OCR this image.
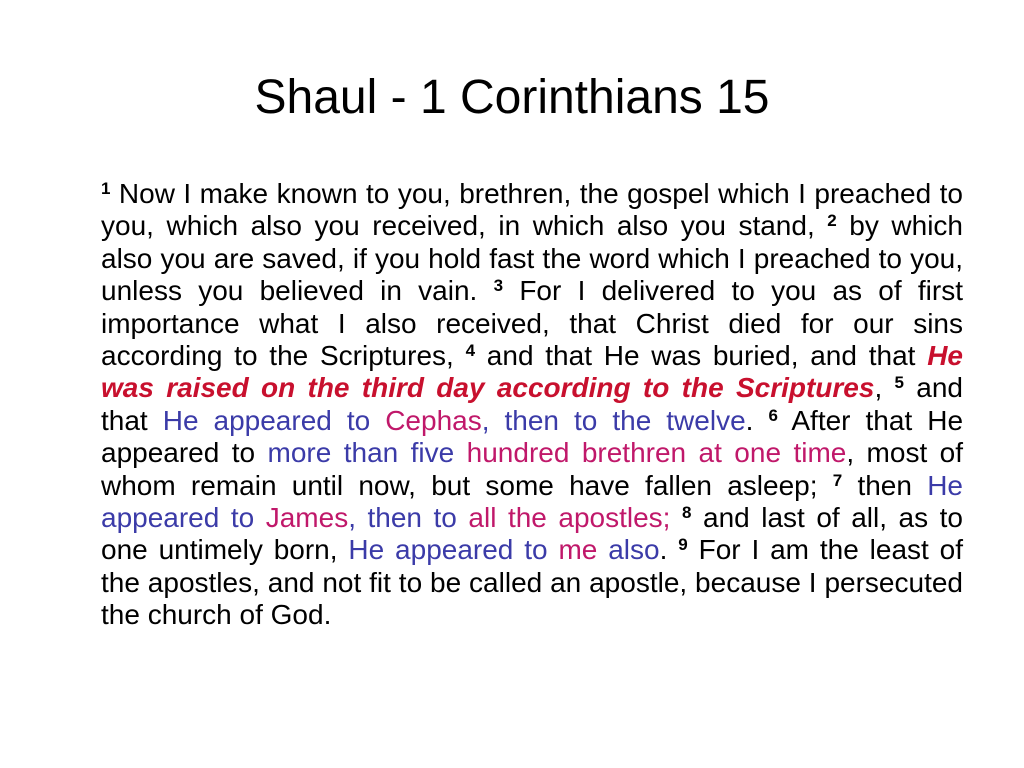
Shaul - 1 Corinthians 15

$^1$ Now I make known to you, brethren, the gospel which I preached to you, which also you received, in which also you stand, $^2$ by which also you are saved, if you hold fast the word which I preached to you, unless you believed in vain. $^3$ For I delivered to you as of first importance what I also received, that Christ died for our sins according to the Scriptures, $^4$ and that He was buried, and that He was raised on the third day according to the Scriptures, $^5$ and that He appeared to Cephas, then to the twelve. $^6$ After that He appeared to more than five hundred brethren at one time, most of whom remain until now, but some have fallen asleep; $^7$ then He appeared to James, then to all the apostles; $^8$ and last of all, as to one untimely born, He appeared to me also. $^9$ For I am the least of the apostles, and not fit to be called an apostle, because I persecuted the church of God.
